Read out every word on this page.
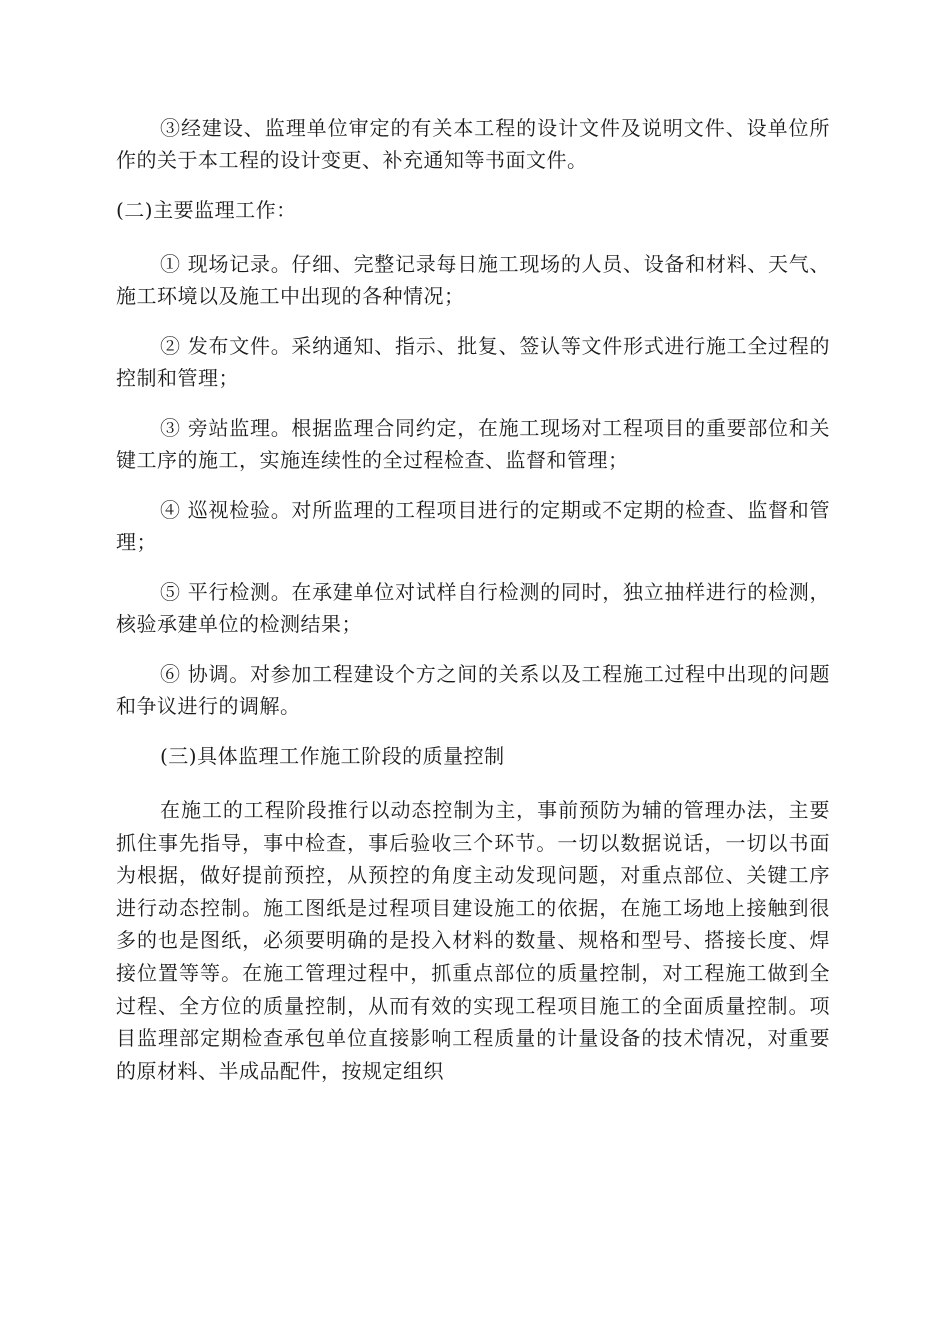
③经建设、监理单位审定的有关本工程的设计文件及说明文件、设单位所作的关于本工程的设计变更、补充通知等书面文件。

(二)主要监理工作：

① 现场记录。仔细、完整记录每日施工现场的人员、设备和材料、天气、施工环境以及施工中出现的各种情况；

② 发布文件。采纳通知、指示、批复、签认等文件形式进行施工全过程的控制和管理；

③ 旁站监理。根据监理合同约定，在施工现场对工程项目的重要部位和关键工序的施工，实施连续性的全过程检查、监督和管理；

④ 巡视检验。对所监理的工程项目进行的定期或不定期的检查、监督和管理；

⑤ 平行检测。在承建单位对试样自行检测的同时，独立抽样进行的检测，核验承建单位的检测结果；

⑥ 协调。对参加工程建设个方之间的关系以及工程施工过程中出现的问题和争议进行的调解。

(三)具体监理工作施工阶段的质量控制

在施工的工程阶段推行以动态控制为主，事前预防为辅的管理办法，主要抓住事先指导，事中检查，事后验收三个环节。一切以数据说话，一切以书面为根据，做好提前预控，从预控的角度主动发现问题，对重点部位、关键工序进行动态控制。施工图纸是过程项目建设施工的依据，在施工场地上接触到很多的也是图纸，必须要明确的是投入材料的数量、规格和型号、搭接长度、焊接位置等等。在施工管理过程中，抓重点部位的质量控制，对工程施工做到全过程、全方位的质量控制，从而有效的实现工程项目施工的全面质量控制。项目监理部定期检查承包单位直接影响工程质量的计量设备的技术情况，对重要的原材料、半成品配件，按规定组织
